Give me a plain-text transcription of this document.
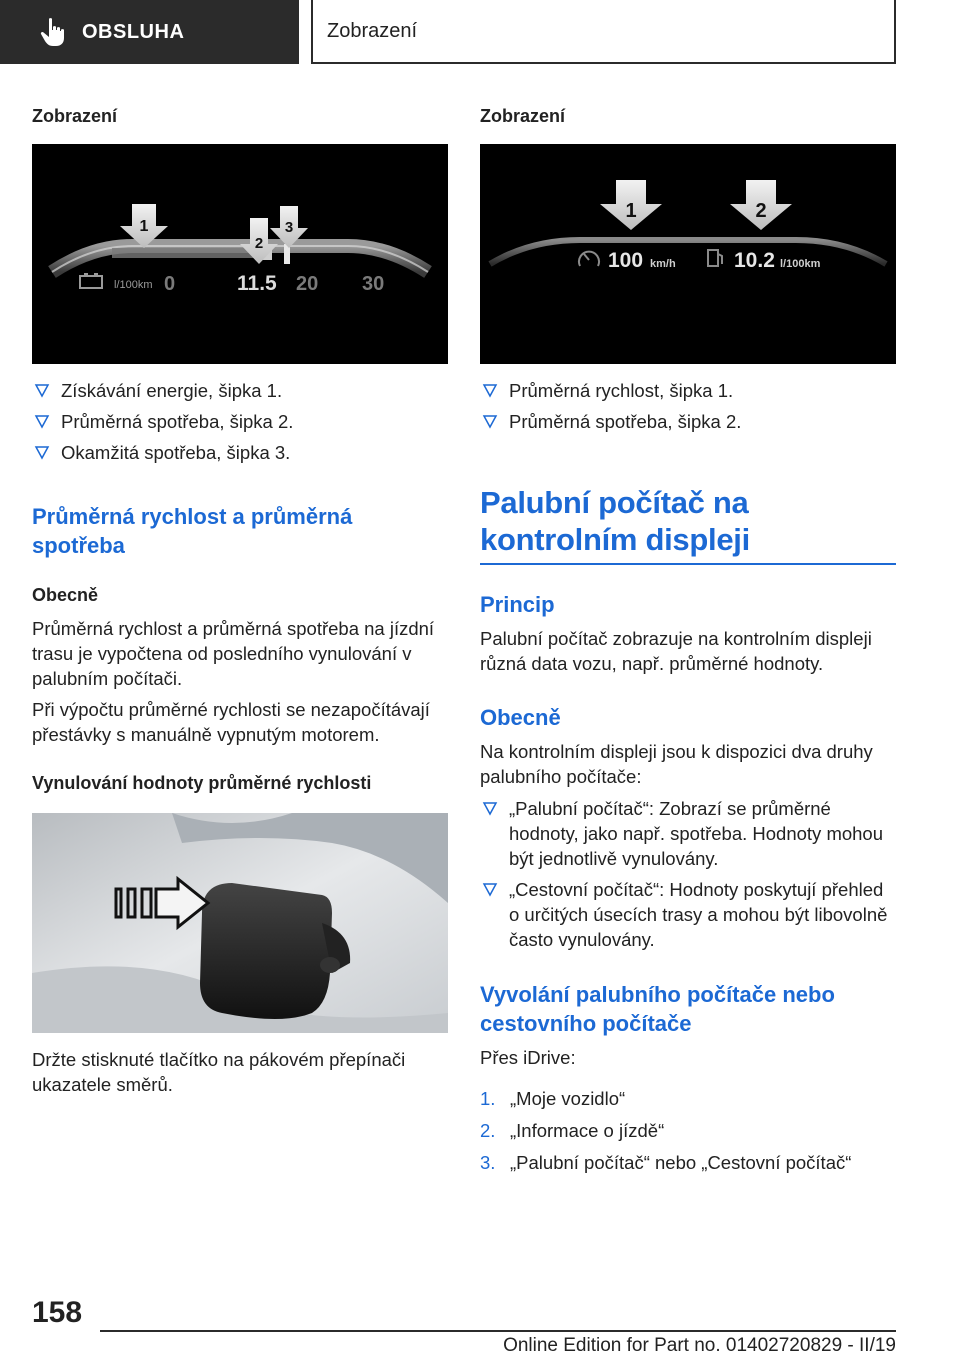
OBSLUHA	Zobrazení
Zobrazení
1
2
3
l/100km 0	11.5 20 30
Získávání energie, šipka 1.
Průměrná spotřeba, šipka 2.
Okamžitá spotřeba, šipka 3.
Průměrná rychlost a průměrná spotřeba
Obecně

Průměrná rychlost a průměrná spotřeba na jízdní trasu je vypočtena od posledního vynulování v palubním počítači.

Při výpočtu průměrné rychlosti se nezapočítávají přestávky s manuálně vypnutým motorem.

Vynulování hodnoty průměrné rychlosti

Držte stisknuté tlačítko na pákovém přepínači ukazatele směrů.

Zobrazení
1	2
100 km/h	10.2 l/100km
Průměrná rychlost, šipka 1.
Průměrná spotřeba, šipka 2.
Palubní počítač na kontrolním displeji
Princip

Palubní počítač zobrazuje na kontrolním displeji různá data vozu, např. průměrné hodnoty.

Obecně

Na kontrolním displeji jsou k dispozici dva druhy palubního počítače:

„Palubní počítač“: Zobrazí se průměrné hodnoty, jako např. spotřeba. Hodnoty mohou být jednotlivě vynulovány.
„Cestovní počítač“: Hodnoty poskytují přehled o určitých úsecích trasy a mohou být libovolně často vynulovány.
Vyvolání palubního počítače nebo cestovního počítače

Přes iDrive:

1. „Moje vozidlo“
2. „Informace o jízdě“
3. „Palubní počítač“ nebo „Cestovní počítač“
158
Online Edition for Part no. 01402720829 - II/19
